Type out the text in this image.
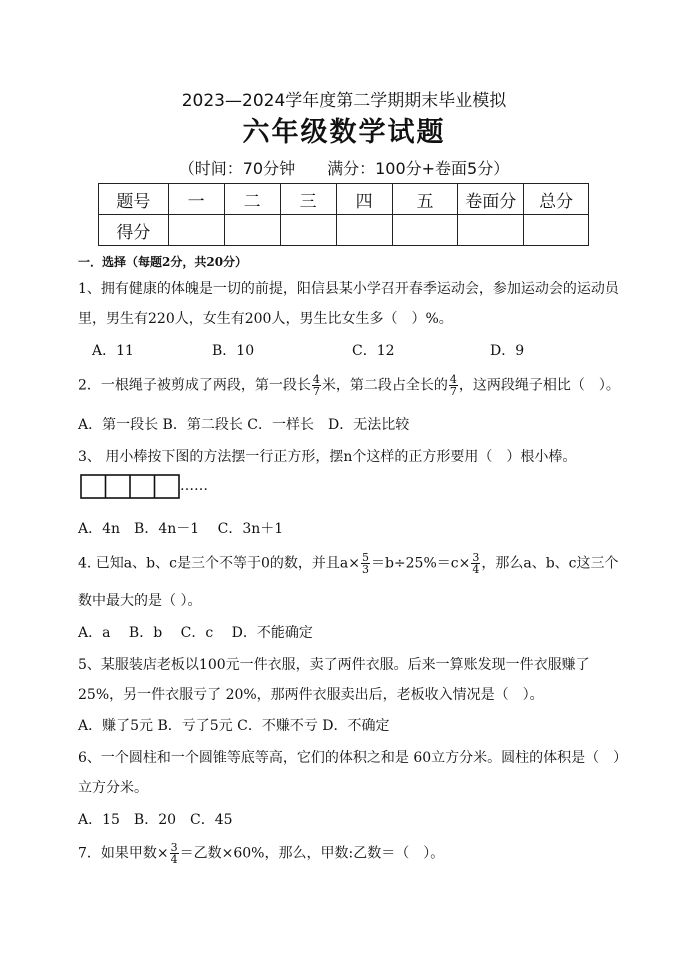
2023—2024学年度第二学期期末毕业模拟
六年级数学试题
（时间：70分钟　　满分：100分+卷面5分）
题号	一	二	三	四	五	卷面分	总分
得分							
一．选择（每题2分，共20分）
1、拥有健康的体魄是一切的前提，阳信县某小学召开春季运动会，参加运动会的运动员
里，男生有220人，女生有200人，男生比女生多（　）%。
A．11	B．10	C．12	D．9
2．一根绳子被剪成了两段，第一段长 $\frac{4}{7}$ 米，第二段占全长的 $\frac{4}{7}$ ，这两段绳子相比（　）。
A．第一段长 B．第二段长 C．一样长　D．无法比较
3、 用小棒按下图的方法摆一行正方形，摆n个这样的正方形要用（　）根小棒。
……
A．4n　B．4n－1　 C．3n＋1
4. 已知a、b、c是三个不等于0的数，并且$a\times \frac{5}{3} =b\div 25\%=c\times \frac{3}{4}$ ，那么a、b、c这三个
数中最大的是（ ）。
A．a　 B．b　 C．c　 D．不能确定
5、某服装店老板以100元一件衣服，卖了两件衣服。后来一算账发现一件衣服赚了
25%，另一件衣服亏了 20%，那两件衣服卖出后，老板收入情况是（　）。
A．赚了5元 B．亏了5元 C．不赚不亏 D．不确定
6、一个圆柱和一个圆锥等底等高，它们的体积之和是 60立方分米。圆柱的体积是（　）
立方分米。
A．15　B．20　C．45
7．如果甲数× $\frac{3}{4}$ ＝乙数×60%，那么，甲数:乙数＝（　）。
